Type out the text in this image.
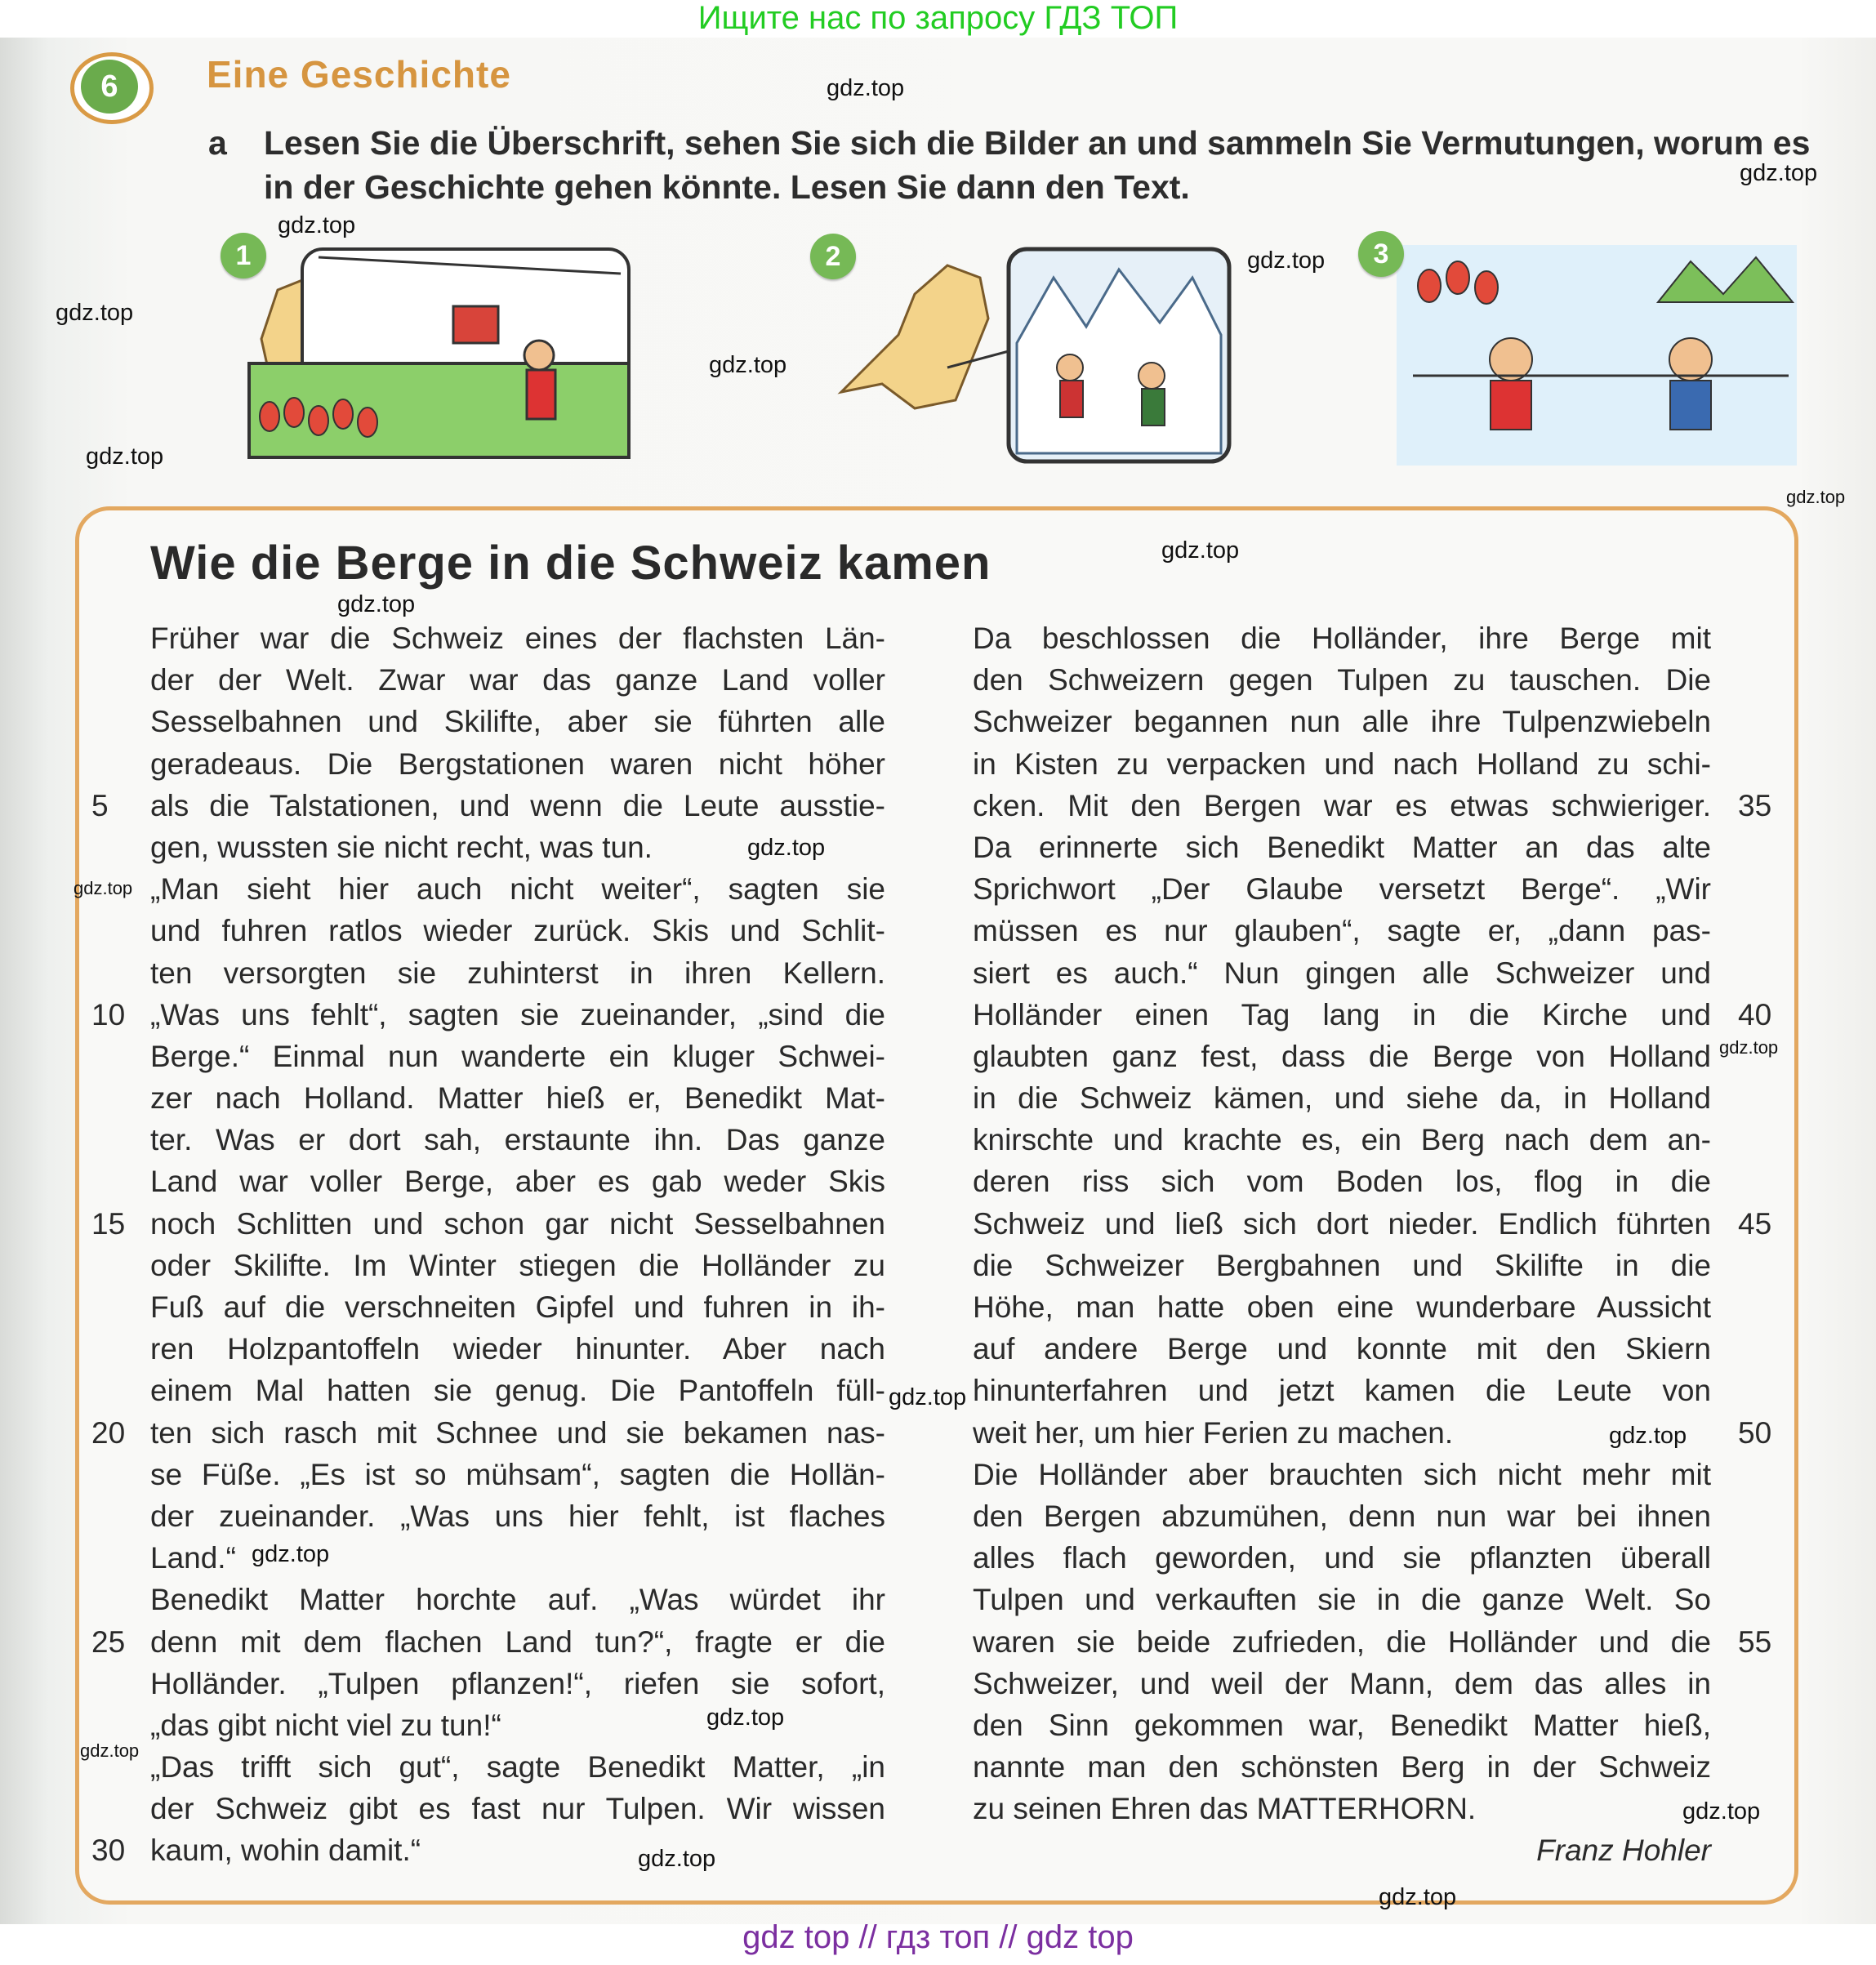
Ищите нас по запросу ГДЗ ТОП
6	Eine Geschichte
a Lesen Sie die Überschrift, sehen Sie sich die Bilder an und sammeln Sie Vermutungen, worum es in der Geschichte gehen könnte. Lesen Sie dann den Text.
1	2	3
Wie die Berge in die Schweiz kamen
Früher war die Schweiz eines der flachsten Län-
der der Welt. Zwar war das ganze Land voller
Sesselbahnen und Skilifte, aber sie führten alle
geradeaus. Die Bergstationen waren nicht höher
als die Talstationen, und wenn die Leute ausstie-
5
gen, wussten sie nicht recht, was tun.
„Man sieht hier auch nicht weiter“, sagten sie
und fuhren ratlos wieder zurück. Skis und Schlit-
ten versorgten sie zuhinterst in ihren Kellern.
„Was uns fehlt“, sagten sie zueinander, „sind die
10
Berge.“ Einmal nun wanderte ein kluger Schwei-
zer nach Holland. Matter hieß er, Benedikt Mat-
ter. Was er dort sah, erstaunte ihn. Das ganze
Land war voller Berge, aber es gab weder Skis
noch Schlitten und schon gar nicht Sesselbahnen
15
oder Skilifte. Im Winter stiegen die Holländer zu
Fuß auf die verschneiten Gipfel und fuhren in ih-
ren Holzpantoffeln wieder hinunter. Aber nach
einem Mal hatten sie genug. Die Pantoffeln füll-
ten sich rasch mit Schnee und sie bekamen nas-
20
se Füße. „Es ist so mühsam“, sagten die Hollän-
der zueinander. „Was uns hier fehlt, ist flaches
Land.“
Benedikt Matter horchte auf. „Was würdet ihr
denn mit dem flachen Land tun?“, fragte er die
25
Holländer. „Tulpen pflanzen!“, riefen sie sofort,
„das gibt nicht viel zu tun!“
„Das trifft sich gut“, sagte Benedikt Matter, „in
der Schweiz gibt es fast nur Tulpen. Wir wissen
kaum, wohin damit.“
30
Da beschlossen die Holländer, ihre Berge mit
den Schweizern gegen Tulpen zu tauschen. Die
Schweizer begannen nun alle ihre Tulpenzwiebeln
in Kisten zu verpacken und nach Holland zu schi-
cken. Mit den Bergen war es etwas schwieriger. 35
Da erinnerte sich Benedikt Matter an das alte
Sprichwort „Der Glaube versetzt Berge“. „Wir
müssen es nur glauben“, sagte er, „dann pas-
siert es auch.“ Nun gingen alle Schweizer und
Holländer einen Tag lang in die Kirche und 40
glaubten ganz fest, dass die Berge von Holland
in die Schweiz kämen, und siehe da, in Holland
knirschte und krachte es, ein Berg nach dem an-
deren riss sich vom Boden los, flog in die
Schweiz und ließ sich dort nieder. Endlich führten 45
die Schweizer Bergbahnen und Skilifte in die
Höhe, man hatte oben eine wunderbare Aussicht
auf andere Berge und konnte mit den Skiern
hinunterfahren und jetzt kamen die Leute von
weit her, um hier Ferien zu machen.	50
Die Holländer aber brauchten sich nicht mehr mit
den Bergen abzumühen, denn nun war bei ihnen
alles flach geworden, und sie pflanzten überall
Tulpen und verkauften sie in die ganze Welt. So
waren sie beide zufrieden, die Holländer und die 55
Schweizer, und weil der Mann, dem das alles in
den Sinn gekommen war, Benedikt Matter hieß,
nannte man den schönsten Berg in der Schweiz
zu seinen Ehren das MATTERHORN.
Franz Hohler
gdz.top
gdz.top
gdz.top
gdz.top
gdz.top
gdz.top
gdz.top
gdz.top
gdz.top
gdz.top
gdz.top
gdz.top
gdz.top
gdz.top
gdz.top
gdz.top
gdz.top
gdz.top
gdz.top
gdz.top
gdz.top
gdz top // гдз топ // gdz top
